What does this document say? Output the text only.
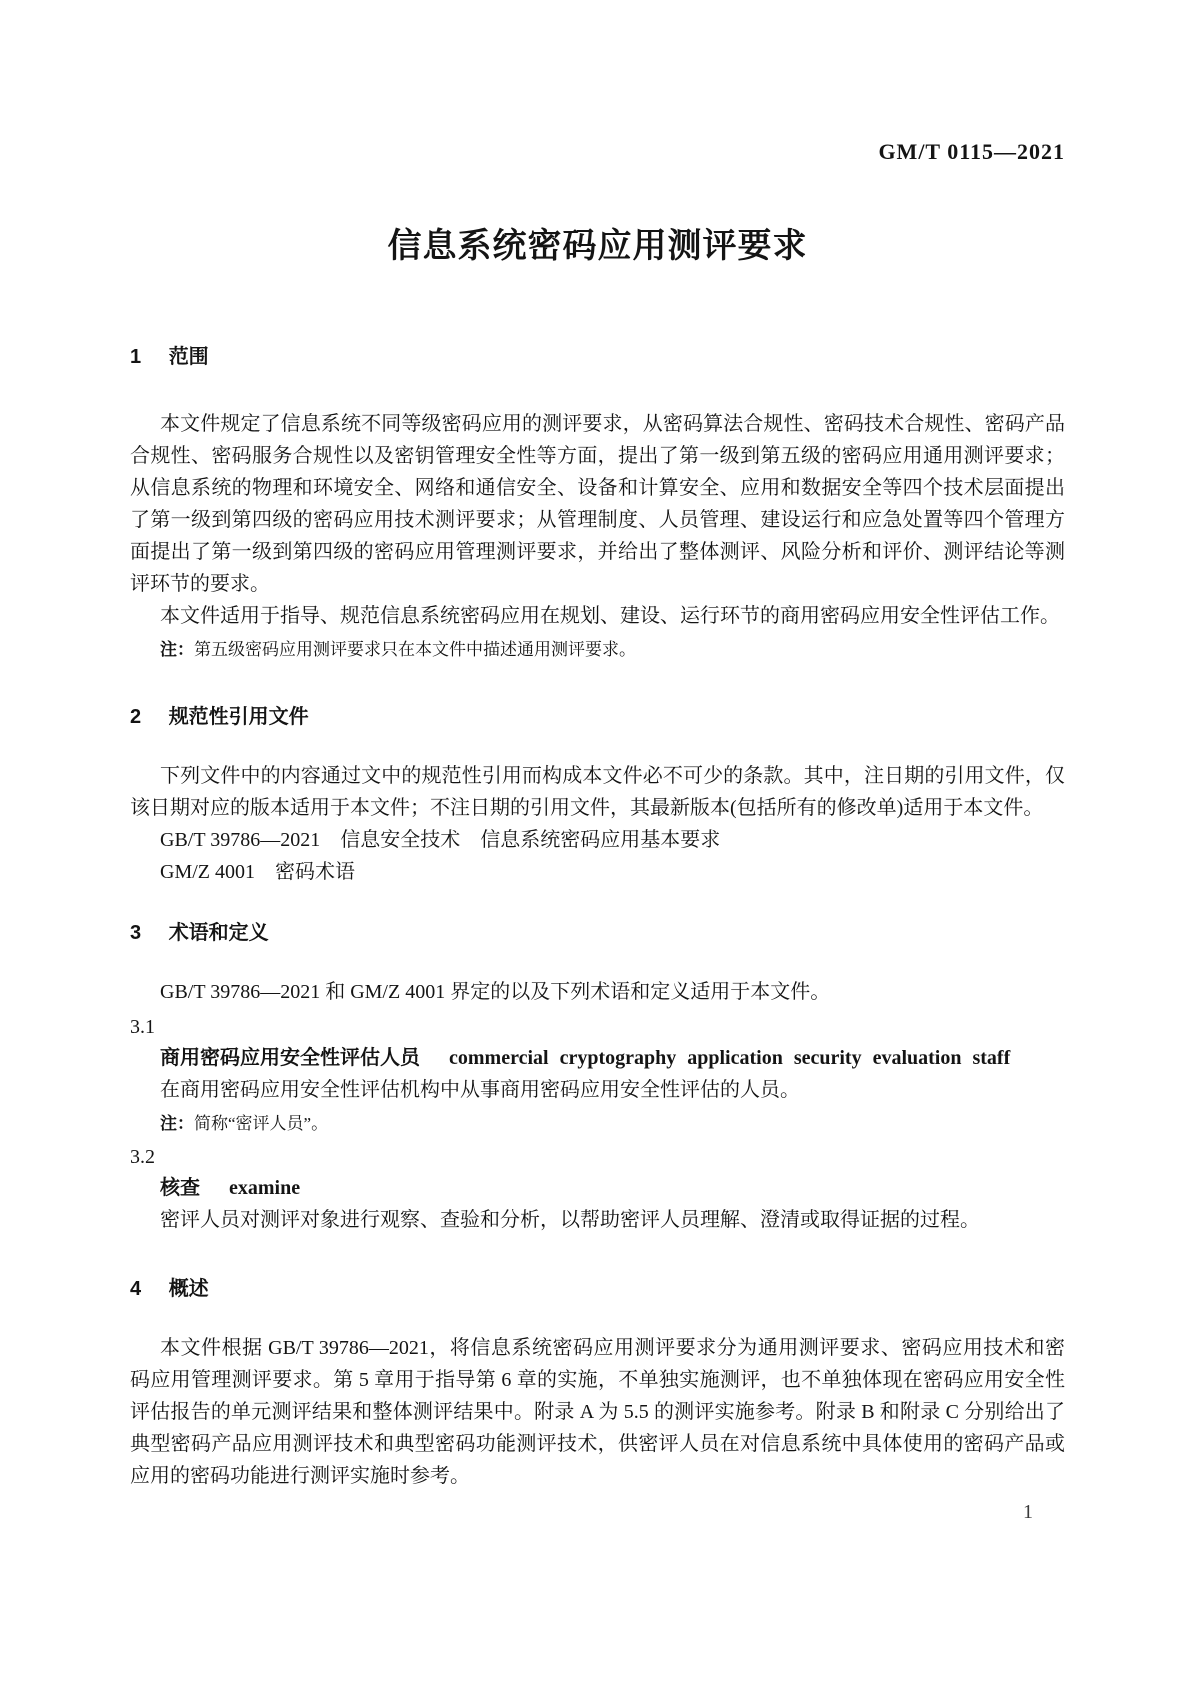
GM/T 0115—2021
信息系统密码应用测评要求
1 范围

本文件规定了信息系统不同等级密码应用的测评要求，从密码算法合规性、密码技术合规性、密码产品合规性、密码服务合规性以及密钥管理安全性等方面，提出了第一级到第五级的密码应用通用测评要求；从信息系统的物理和环境安全、网络和通信安全、设备和计算安全、应用和数据安全等四个技术层面提出了第一级到第四级的密码应用技术测评要求；从管理制度、人员管理、建设运行和应急处置等四个管理方面提出了第一级到第四级的密码应用管理测评要求，并给出了整体测评、风险分析和评价、测评结论等测评环节的要求。

本文件适用于指导、规范信息系统密码应用在规划、建设、运行环节的商用密码应用安全性评估工作。

注：第五级密码应用测评要求只在本文件中描述通用测评要求。

2 规范性引用文件

下列文件中的内容通过文中的规范性引用而构成本文件必不可少的条款。其中，注日期的引用文件，仅该日期对应的版本适用于本文件；不注日期的引用文件，其最新版本(包括所有的修改单)适用于本文件。

GB/T 39786—2021　信息安全技术　信息系统密码应用基本要求

GM/Z 4001　密码术语

3 术语和定义

GB/T 39786—2021 和 GM/Z 4001 界定的以及下列术语和定义适用于本文件。

3.1

商用密码应用安全性评估人员 commercial cryptography application security evaluation staff

在商用密码应用安全性评估机构中从事商用密码应用安全性评估的人员。

注：简称“密评人员”。

3.2

核查 examine

密评人员对测评对象进行观察、查验和分析，以帮助密评人员理解、澄清或取得证据的过程。

4 概述

本文件根据 GB/T 39786—2021，将信息系统密码应用测评要求分为通用测评要求、密码应用技术和密码应用管理测评要求。第 5 章用于指导第 6 章的实施，不单独实施测评，也不单独体现在密码应用安全性评估报告的单元测评结果和整体测评结果中。附录 A 为 5.5 的测评实施参考。附录 B 和附录 C 分别给出了典型密码产品应用测评技术和典型密码功能测评技术，供密评人员在对信息系统中具体使用的密码产品或应用的密码功能进行测评实施时参考。

1
